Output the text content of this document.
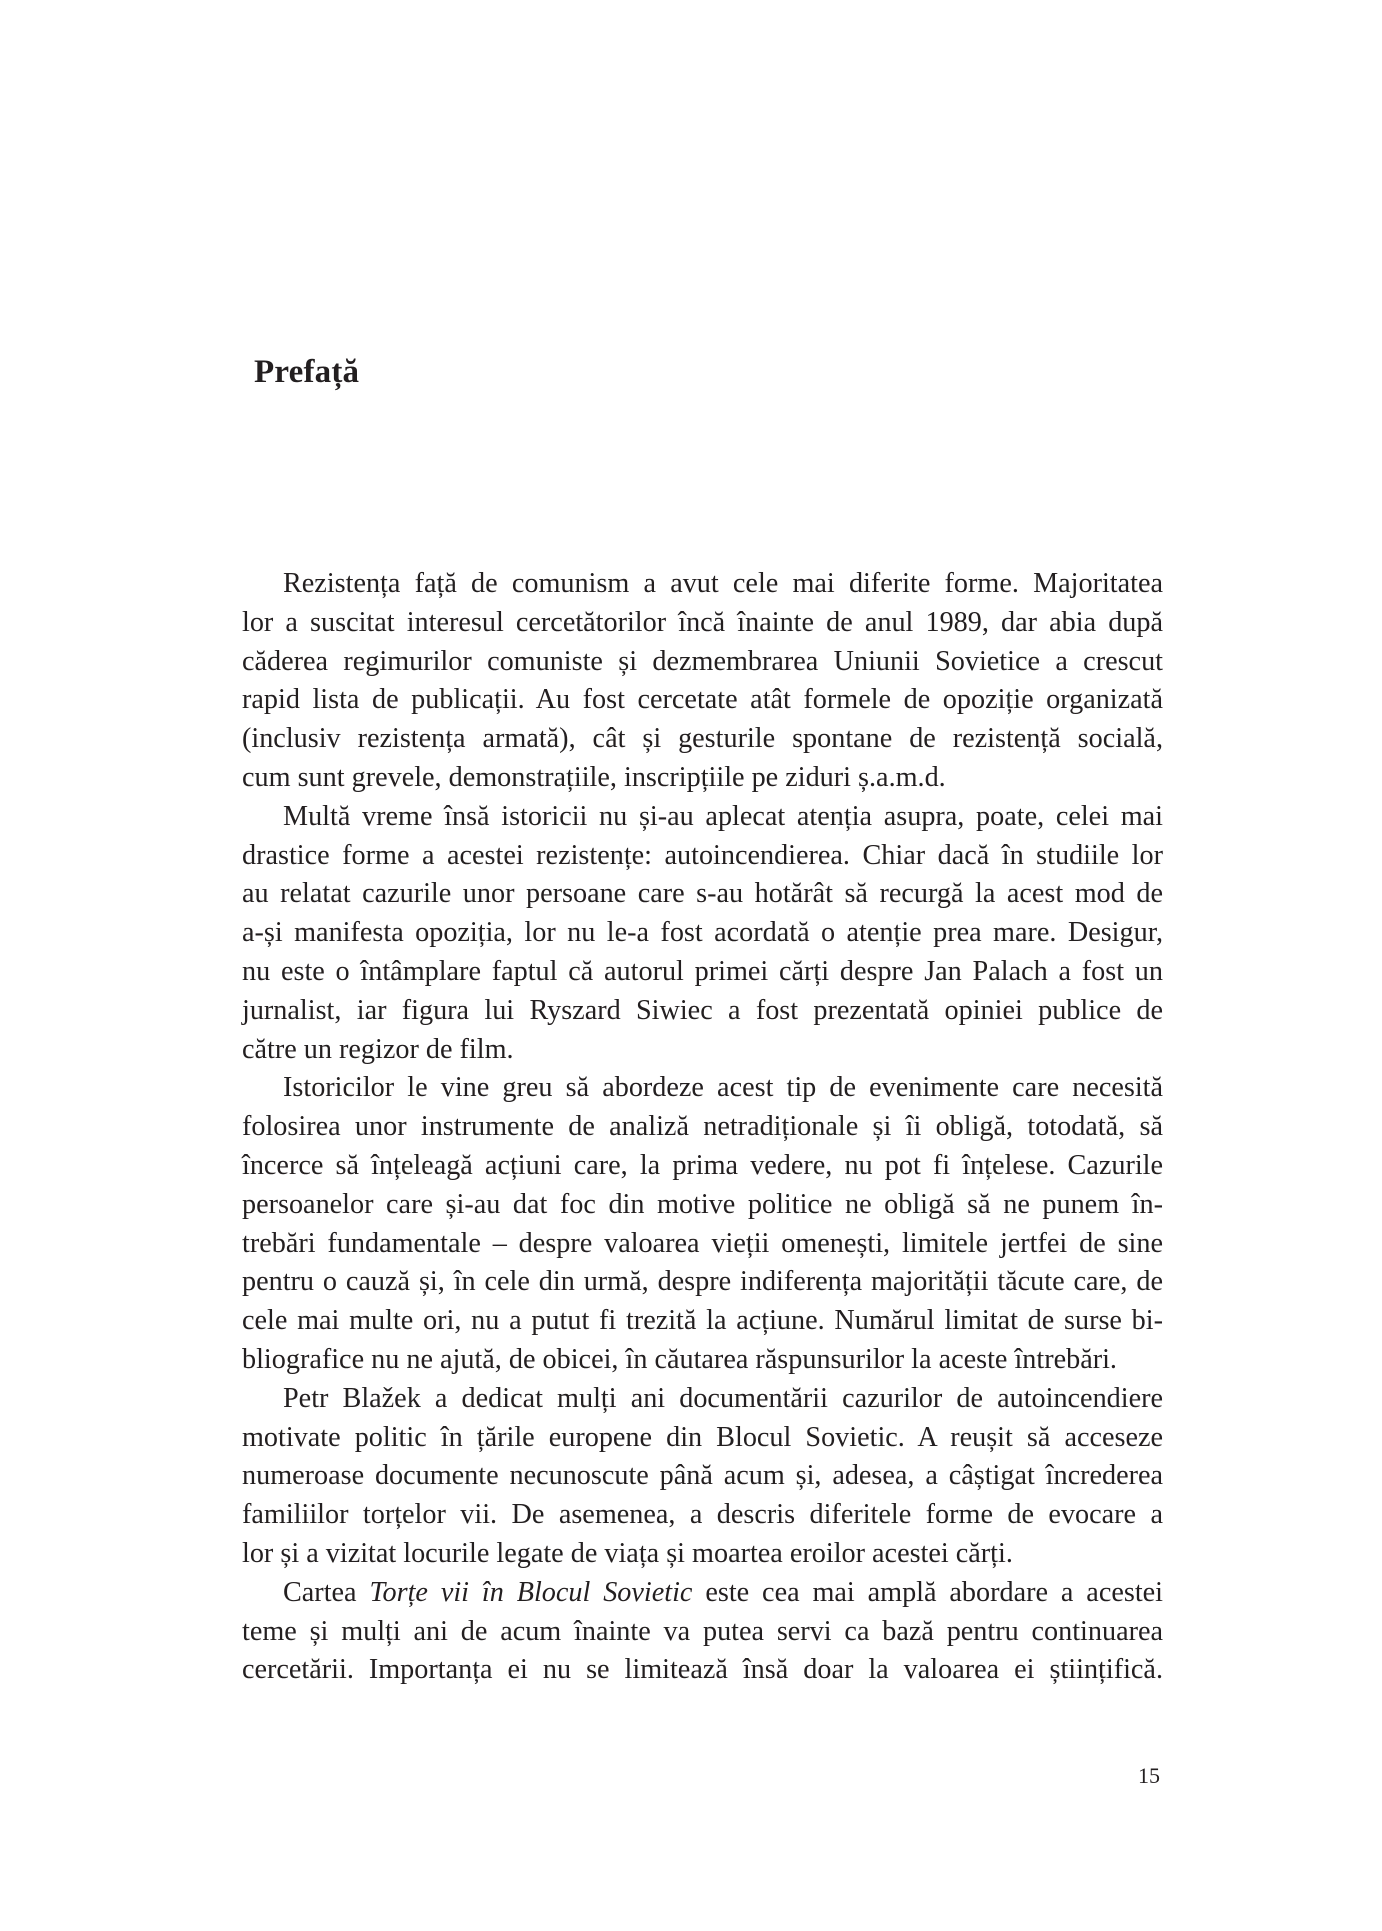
Prefață
Rezistența față de comunism a avut cele mai diferite forme. Majoritatea
lor a suscitat interesul cercetătorilor încă înainte de anul 1989, dar abia după
căderea regimurilor comuniste și dezmembrarea Uniunii Sovietice a crescut
rapid lista de publicații. Au fost cercetate atât formele de opoziție organizată
(inclusiv rezistența armată), cât și gesturile spontane de rezistență socială,
cum sunt grevele, demonstrațiile, inscripțiile pe ziduri ș.a.m.d.
Multă vreme însă istoricii nu și-au aplecat atenția asupra, poate, celei mai
drastice forme a acestei rezistențe: autoincendierea. Chiar dacă în studiile lor
au relatat cazurile unor persoane care s-au hotărât să recurgă la acest mod de
a-și manifesta opoziția, lor nu le-a fost acordată o atenție prea mare. Desigur,
nu este o întâmplare faptul că autorul primei cărți despre Jan Palach a fost un
jurnalist, iar figura lui Ryszard Siwiec a fost prezentată opiniei publice de
către un regizor de film.
Istoricilor le vine greu să abordeze acest tip de evenimente care necesită
folosirea unor instrumente de analiză netradiționale și îi obligă, totodată, să
încerce să înțeleagă acțiuni care, la prima vedere, nu pot fi înțelese. Cazurile
persoanelor care și-au dat foc din motive politice ne obligă să ne punem în-
trebări fundamentale – despre valoarea vieții omenești, limitele jertfei de sine
pentru o cauză și, în cele din urmă, despre indiferența majorității tăcute care, de
cele mai multe ori, nu a putut fi trezită la acțiune. Numărul limitat de surse bi-
bliografice nu ne ajută, de obicei, în căutarea răspunsurilor la aceste întrebări.
Petr Blažek a dedicat mulți ani documentării cazurilor de autoincendiere
motivate politic în țările europene din Blocul Sovietic. A reușit să acceseze
numeroase documente necunoscute până acum și, adesea, a câștigat încrederea
familiilor torțelor vii. De asemenea, a descris diferitele forme de evocare a
lor și a vizitat locurile legate de viața și moartea eroilor acestei cărți.
Cartea Torțe vii în Blocul Sovietic este cea mai amplă abordare a acestei
teme și mulți ani de acum înainte va putea servi ca bază pentru continuarea
cercetării. Importanța ei nu se limitează însă doar la valoarea ei științifică.
15
